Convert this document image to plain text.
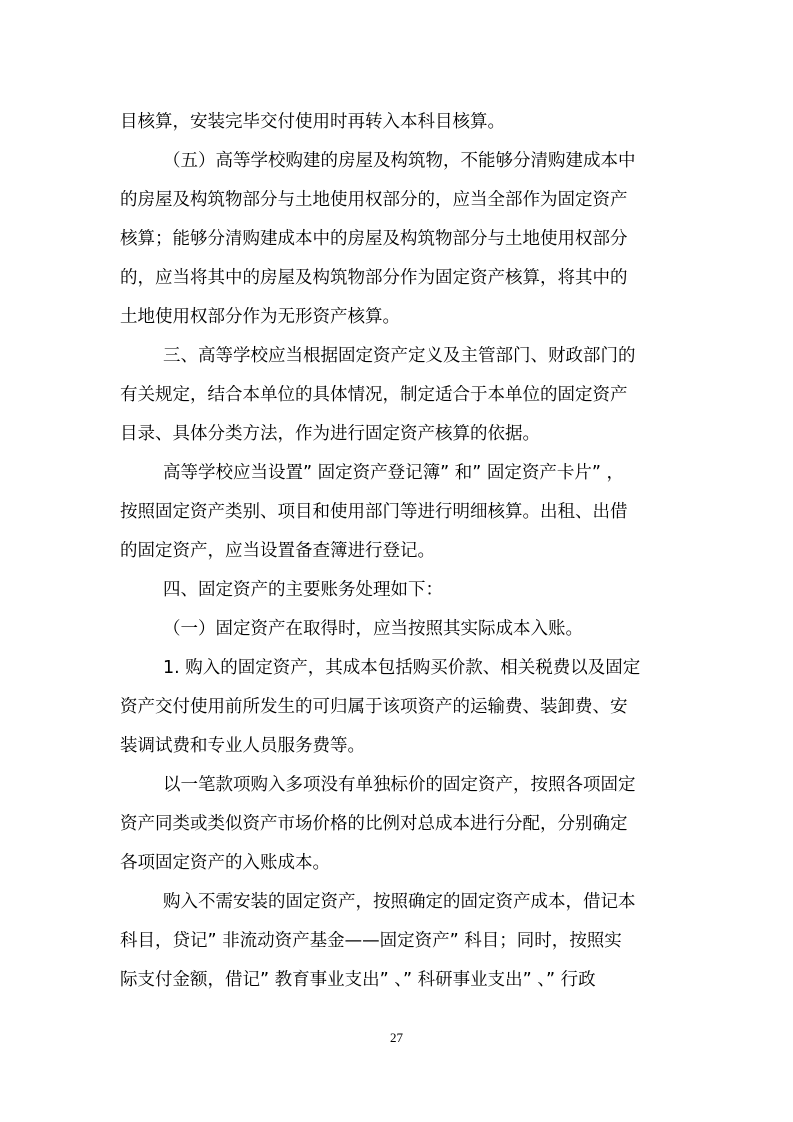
目核算，安装完毕交付使用时再转入本科目核算。
（五）高等学校购建的房屋及构筑物，不能够分清购建成本中
的房屋及构筑物部分与土地使用权部分的，应当全部作为固定资产
核算；能够分清购建成本中的房屋及构筑物部分与土地使用权部分
的，应当将其中的房屋及构筑物部分作为固定资产核算，将其中的
土地使用权部分作为无形资产核算。
三、高等学校应当根据固定资产定义及主管部门、财政部门的
有关规定，结合本单位的具体情况，制定适合于本单位的固定资产
目录、具体分类方法，作为进行固定资产核算的依据。
高等学校应当设置” 固定资产登记簿” 和” 固定资产卡片” ，
按照固定资产类别、项目和使用部门等进行明细核算。出租、出借
的固定资产，应当设置备查簿进行登记。
四、固定资产的主要账务处理如下：
（一）固定资产在取得时，应当按照其实际成本入账。
1. 购入的固定资产，其成本包括购买价款、相关税费以及固定
资产交付使用前所发生的可归属于该项资产的运输费、装卸费、安
装调试费和专业人员服务费等。
以一笔款项购入多项没有单独标价的固定资产，按照各项固定
资产同类或类似资产市场价格的比例对总成本进行分配，分别确定
各项固定资产的入账成本。
购入不需安装的固定资产，按照确定的固定资产成本，借记本
科目，贷记” 非流动资产基金——固定资产” 科目；同时，按照实
际支付金额，借记” 教育事业支出” 、” 科研事业支出” 、” 行政
27
